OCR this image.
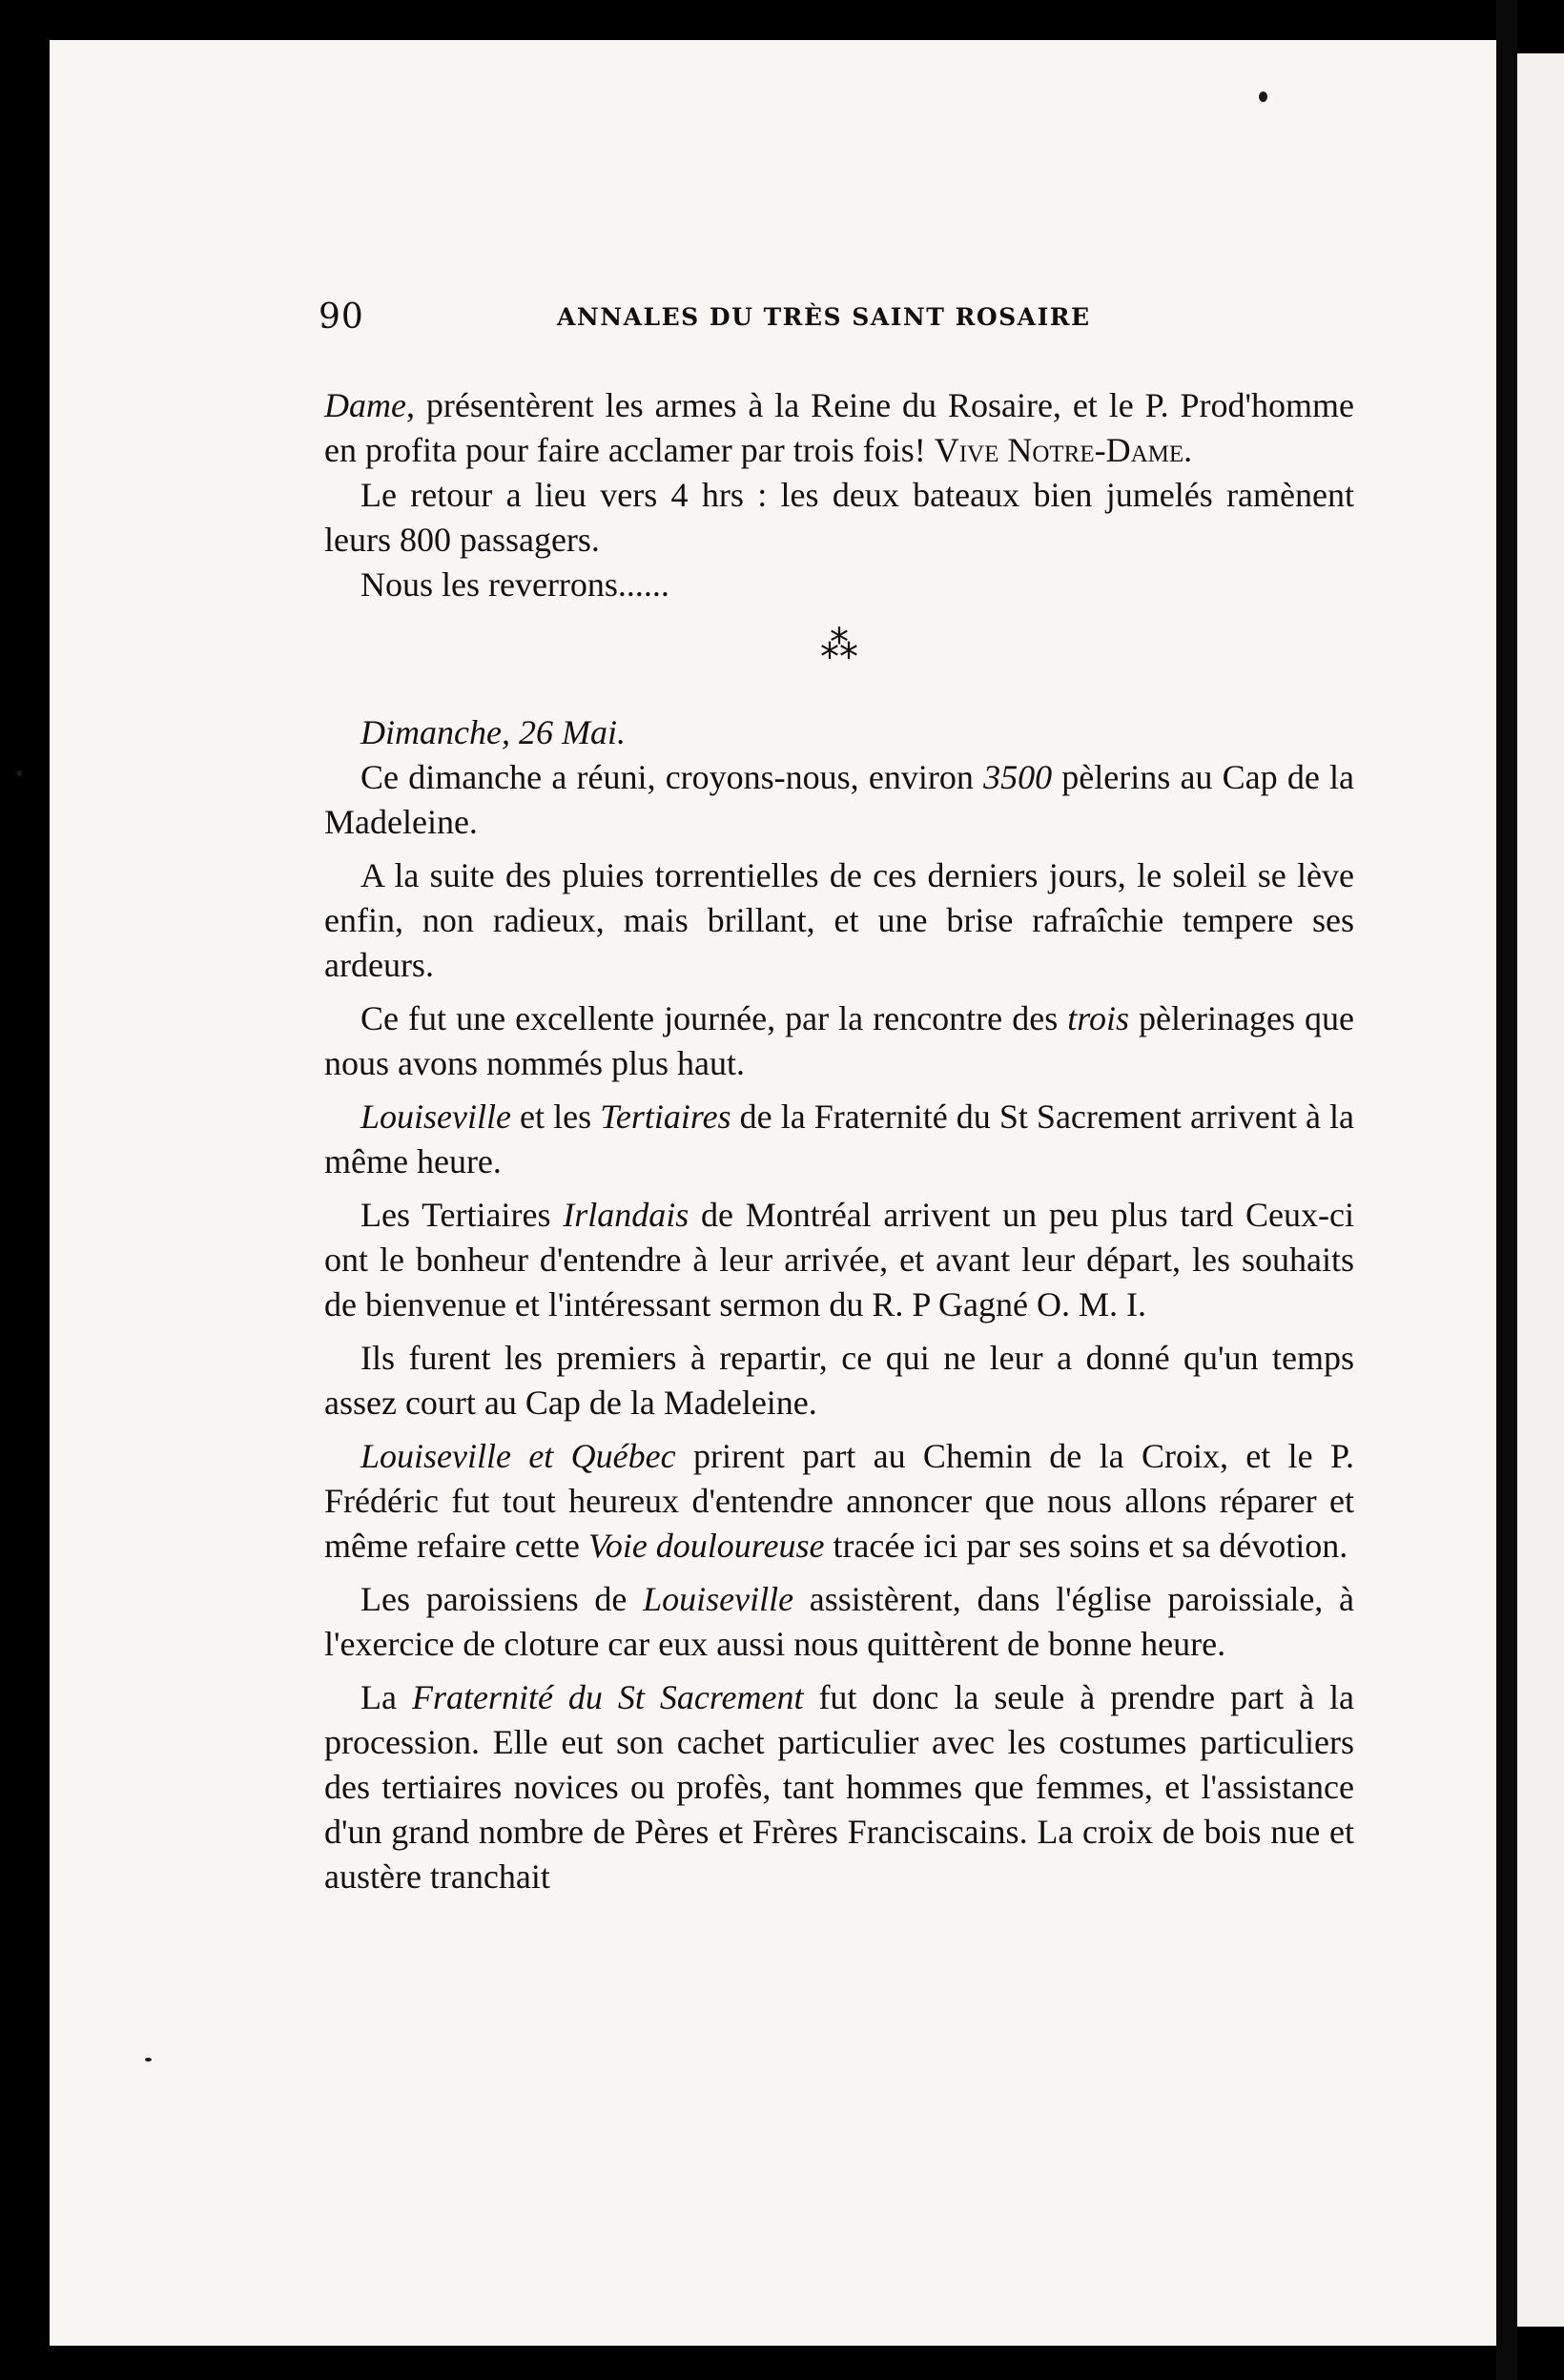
90	ANNALES DU TRÈS SAINT ROSAIRE

Dame, présentèrent les armes à la Reine du Rosaire, et le P. Prod'homme en profita pour faire acclamer par trois fois! Vive Notre-Dame.

Le retour a lieu vers 4 hrs : les deux bateaux bien jumelés ramènent leurs 800 passagers.

Nous les reverrons......

⁂

Dimanche, 26 Mai.

Ce dimanche a réuni, croyons-nous, environ 3500 pèlerins au Cap de la Madeleine.

A la suite des pluies torrentielles de ces derniers jours, le soleil se lève enfin, non radieux, mais brillant, et une brise rafraîchie tempere ses ardeurs.

Ce fut une excellente journée, par la rencontre des trois pèlerinages que nous avons nommés plus haut.

Louiseville et les Tertiaires de la Fraternité du St Sacrement arrivent à la même heure.

Les Tertiaires Irlandais de Montréal arrivent un peu plus tard Ceux-ci ont le bonheur d'entendre à leur arrivée, et avant leur départ, les souhaits de bienvenue et l'intéressant sermon du R. P Gagné O. M. I.

Ils furent les premiers à repartir, ce qui ne leur a donné qu'un temps assez court au Cap de la Madeleine.

Louiseville et Québec prirent part au Chemin de la Croix, et le P. Frédéric fut tout heureux d'entendre annoncer que nous allons réparer et même refaire cette Voie douloureuse tracée ici par ses soins et sa dévotion.

Les paroissiens de Louiseville assistèrent, dans l'église paroissiale, à l'exercice de cloture car eux aussi nous quittèrent de bonne heure.

La Fraternité du St Sacrement fut donc la seule à prendre part à la procession. Elle eut son cachet particulier avec les costumes particuliers des tertiaires novices ou profès, tant hommes que femmes, et l'assistance d'un grand nombre de Pères et Frères Franciscains. La croix de bois nue et austère tranchait
